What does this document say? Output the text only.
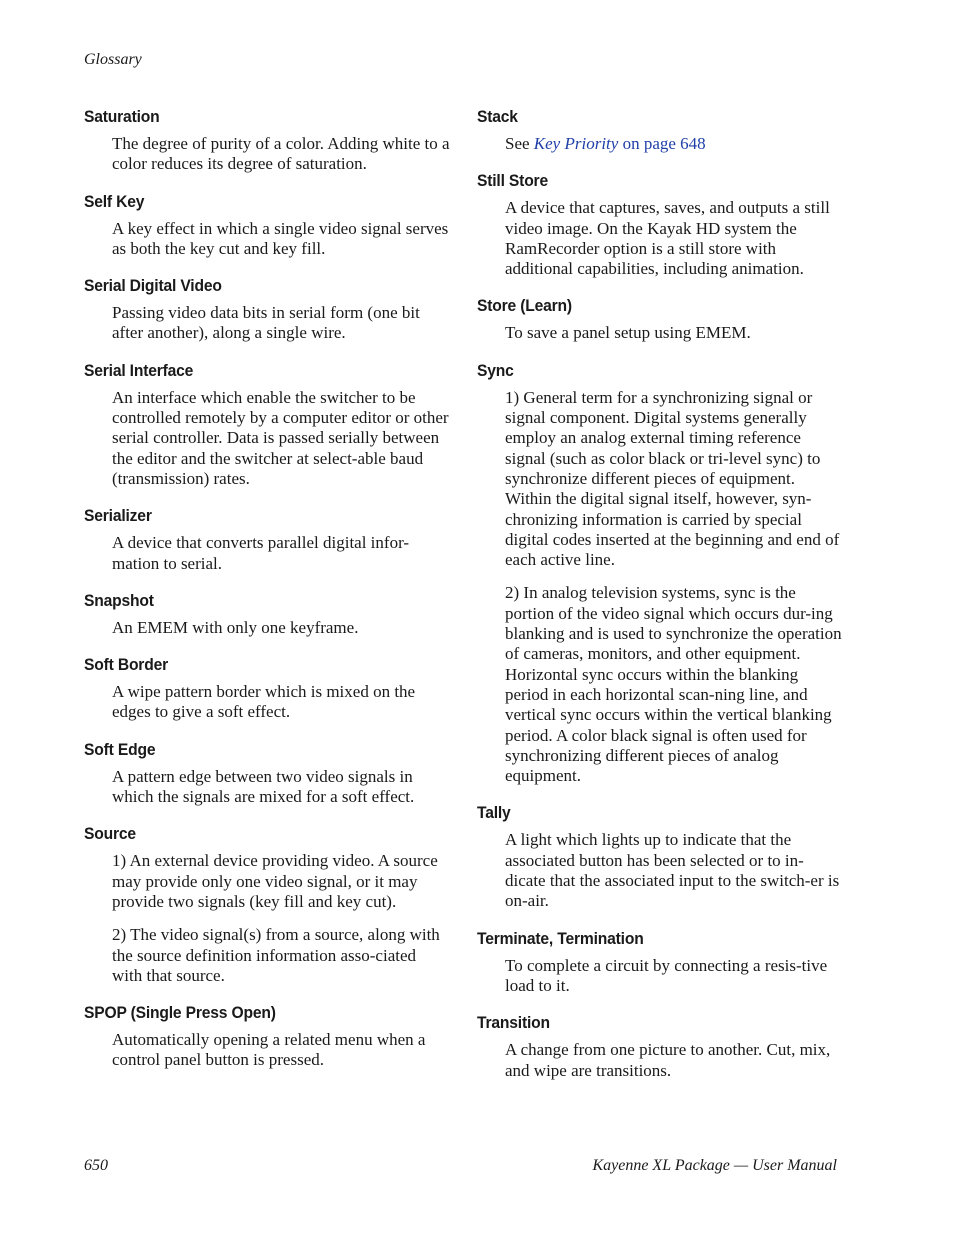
Glossary
Saturation

The degree of purity of a color. Adding white to a color reduces its degree of saturation.

Self Key

A key effect in which a single video signal serves as both the key cut and key fill.

Serial Digital Video

Passing video data bits in serial form (one bit after another), along a single wire.

Serial Interface

An interface which enable the switcher to be controlled remotely by a computer editor or other serial controller. Data is passed serially between the editor and the switcher at select-able baud (transmission) rates.

Serializer

A device that converts parallel digital infor-mation to serial.

Snapshot

An EMEM with only one keyframe.

Soft Border

A wipe pattern border which is mixed on the edges to give a soft effect.

Soft Edge

A pattern edge between two video signals in which the signals are mixed for a soft effect.

Source

1) An external device providing video. A source may provide only one video signal, or it may provide two signals (key fill and key cut).

2) The video signal(s) from a source, along with the source definition information asso-ciated with that source.

SPOP (Single Press Open)

Automatically opening a related menu when a control panel button is pressed.

Stack

See Key Priority on page 648

Still Store

A device that captures, saves, and outputs a still video image. On the Kayak HD system the RamRecorder option is a still store with additional capabilities, including animation.

Store (Learn)

To save a panel setup using EMEM.

Sync

1) General term for a synchronizing signal or signal component. Digital systems generally employ an analog external timing reference signal (such as color black or tri-level sync) to synchronize different pieces of equipment. Within the digital signal itself, however, syn-chronizing information is carried by special digital codes inserted at the beginning and end of each active line.

2) In analog television systems, sync is the portion of the video signal which occurs dur-ing blanking and is used to synchronize the operation of cameras, monitors, and other equipment. Horizontal sync occurs within the blanking period in each horizontal scan-ning line, and vertical sync occurs within the vertical blanking period. A color black signal is often used for synchronizing different pieces of analog equipment.

Tally

A light which lights up to indicate that the associated button has been selected or to in-dicate that the associated input to the switch-er is on-air.

Terminate, Termination

To complete a circuit by connecting a resis-tive load to it.

Transition

A change from one picture to another. Cut, mix, and wipe are transitions.

650	Kayenne XL Package — User Manual
